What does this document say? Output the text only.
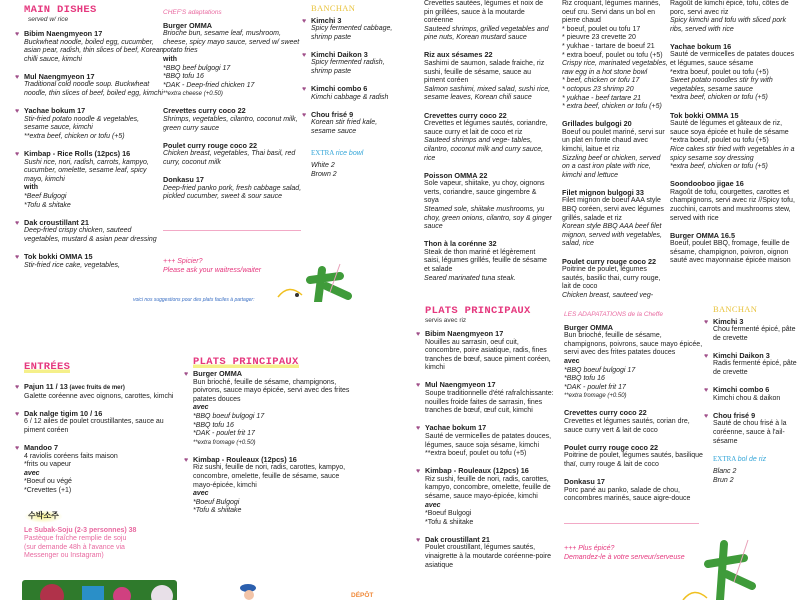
MAIN DISHES
served w/ rice
♥ Bibim Naengmyeon 17
Buckwheat noodle, boiled egg, cucumber, asian pear, radish, thin slices of beef, Korean chilli sauce, kimchi
♥ Mul Naengmyeon 17
Traditional cold noodle soup. Buckwheat noodle, thin slices of beef, boiled egg, kimchi
♥ Yachae bokum 17
Stir-fried potato noodle & vegetables, sesame sauce, kimchi
**extra beef, chicken or tofu (+5)
♥ Kimbap - Rice Rolls (12pcs) 16
Sushi rice, nori, radish, carrots, kampyo, cucumber, omelette, sesame leaf, spicy mayo, kimchi
with
*Beef Bulgogi
*Tofu & shitake
♥ Dak croustillant 21
Deep-fried crispy chicken, sauteed vegetables, mustard & asian pear dressing
♥ Tok bokki OMMA 15
Stir-fried rice cake, vegetables,
CHEF'S adaptations
Burger OMMA
Brioche bun, sesame leaf, mushroom, cheese, spicy mayo sauce, served w/ sweet potato fries
with
*BBQ beef bulgogi 17
*BBQ tofu 16
*DAK - Deep-fried chicken 17
**extra cheese (+0.50)
Crevettes curry coco 22
Shrimps, vegetables, cilantro, coconut milk, green curry sauce
Poulet curry rouge coco 22
Chicken breast, vegetables, Thai basil, red curry, coconut milk
Donkasu 17
Deep-fried panko pork, fresh cabbage salad, pickled cucumber, sweet & sour sauce
+++ Spicier?
Please ask your waitress/waiter
voici nos suggestions pour des plats faciles à partager:
BANCHAN
♥ Kimchi 3
Spicy fermented cabbage, shrimp paste
♥ Kimchi Daikon 3
Spicy fermented radish, shrimp paste
♥ Kimchi combo 6
Kimchi cabbage & radish
♥ Chou frisé 9
Korean stir fried kale, sesame sauce
EXTRA rice bowl
White 2
Brown 2
Crevettes sautées, légumes et noix de pin grillées, sauce à la moutarde coréenne
Sauteed shrimps, grilled vegetables and pine nuts, Korean mustard sauce
Riz aux sésames 22
Sashimi de saumon, salade fraiche, riz sushi, feuille de sésame, sauce au piment coréen
Salmon sashimi, mixed salad, sushi rice, sesame leaves, Korean chili sauce
Crevettes curry coco 22
Crevettes et légumes sautés, coriandre, sauce curry et lait de coco et riz
Sauteed shrimps and vege- tables, cilantro, coconut milk and curry sauce, rice
Poisson OMMA 22
Sole vapeur, shiitake, yu choy, oignons verts, coriandre, sauce gingembre & soya
Steamed sole, shiitake mushrooms, yu choy, green onions, cilantro, soy & ginger sauce
Thon à la corénne 32
Steak de thon mariné et légèrement saisi, légumes grillés, feuille de sésame et salade
Seared marinated tuna steak.
Riz croquant, légumes marinés, oeuf cru. Servi dans un bol en pierre chaud
* boeuf, poulet ou tofu 17
* pieuvre 23 crevette 20
* yukhae - tartare de boeuf 21
* extra boeuf, poulet ou tofu (+5)
Crispy rice, marinated vegetables, raw egg in a hot stone bowl
* beef, chicken or tofu 17
* octopus 23 shrimp 20
* yukhae - beef tartare 21
* extra beef, chicken or tofu (+5)
Grillades bulgogi 20
Boeuf ou poulet mariné, servi sur un plat en fonte chaud avec kimchi, laitue et riz
Sizzling beef or chicken, served on a cast iron plate with rice, kimchi and lettuce
Filet mignon bulgogi 33
Filet mignon de boeuf AAA style BBQ coréen, servi avec légumes grillés, salade et riz
Korean style BBQ AAA beef filet mignon, served with vegetables, salad, rice
Poulet curry rouge coco 22
Poitrine de poulet, légumes sautés, basilic thai, curry rouge, lait de coco
Chicken breast, sauteed veg-
Ragoût de kimchi épicé, tofu, côtes de porc, servi avec riz
Spicy kimchi and tofu with sliced pork ribs, served with rice
Yachae bokum 16
Sauté de vermicelles de patates douces et légumes, sauce sésame
*extra boeuf, poulet ou tofu (+5)
Sweet potato noodles stir fry with vegetables, sesame sauce
*extra beef, chicken or tofu (+5)
Tok bokki OMMA 15
Sauté de légumes et gâteaux de riz, sauce soya épicée et huile de sésame
*extra boeuf, poulet ou tofu (+5)
Rice cakes stir fried with vegetables in a spicy sesame soy dressing
*extra beef, chicken or tofu (+5)
Soondooboo jigae 16
Ragoût de tofu, courgettes, carottes et champignons, servi avec riz //Spicy tofu, zucchini, carrots and mushrooms stew, served with rice
Burger OMMA 16.5
Boeuf, poulet BBQ, fromage, feuille de sésame, champignon, poivron, oignon sauté avec mayonnaise épicée maison
ENTRÉES
♥ Pajun 11 / 13 (avec fruits de mer)
Galette coréenne avec oignons, carottes, kimchi
♥ Dak nalge tigim 10 / 16
6 / 12 ailes de poulet croustillantes, sauce au piment coréen
♥ Mandoo 7
4 raviolis coréens faits maison
*frits ou vapeur
avec
*Boeuf ou végé
*Crevettes (+1)
수박소주
Le Subak-Soju (2-3 personnes) 38
Pastèque fraîche remplie de soju
(sur demande 48h à l'avance via
Messenger ou Instagram)
PLATS PRINCIPAUX
♥ Burger OMMA
Bun brioché, feuille de sésame, champignons, poivrons, sauce mayo épicée, servi avec des frites patates douces
avec
*BBQ boeuf bulgogi 17
*BBQ tofu 16
*DAK - poulet frit 17
**extra fromage (+0.50)
♥ Kimbap - Rouleaux (12pcs) 16
Riz sushi, feuille de nori, radis, carottes, kampyo, concombre, omelette, feuille de sésame, sauce mayo-épicée, kimchi
avec
*Boeuf Bulgogi
*Tofu & shiitake
DÉPÔT
PLATS PRINCIPAUX
servis avec riz
♥ Bibim Naengmyeon 17
Nouilles au sarrasin, oeuf cuit, concombre, poire asiatique, radis, fines tranches de bœuf, sauce piment coréen, kimchi
♥ Mul Naengmyeon 17
Soupe traditionnelle d'été rafraîchissante: nouilles froide faites de sarrasin, fines tranches de bœuf, œuf cuit, kimchi
♥ Yachae bokum 17
Sauté de vermicelles de patates douces, légumes, sauce soja sésame, kimchi
**extra boeuf, poulet ou tofu (+5)
♥ Kimbap - Rouleaux (12pcs) 16
Riz sushi, feuille de nori, radis, carottes, kampyo, concombre, omelette, feuille de sésame, sauce mayo-épicée, kimchi
avec
*Boeuf Bulgogi
*Tofu & shiitake
♥ Dak croustillant 21
Poulet croustillant, légumes sautés, vinaigrette à la moutarde coréenne-poire asiatique
LES ADAPATATIONS de la Cheffe
Burger OMMA
Bun brioché, feuille de sésame, champignons, poivrons, sauce mayo épicée, servi avec des frites patates douces
avec
*BBQ boeuf bulgogi 17
*BBQ tofu 16
*DAK - poulet frit 17
**extra fromage (+0.50)
Crevettes curry coco 22
Crevettes et légumes sautés, corian dre, sauce curry vert & lait de coco
Poulet curry rouge coco 22
Poitrine de poulet, légumes sautés, basilique thaï, curry rouge & lait de coco
Donkasu 17
Porc pané au panko, salade de chou, concombres marinés, sauce aigre-douce
+++ Plus épicé?
Demandez-le à votre serveur/serveuse
BANCHAN
♥ Kimchi 3
Chou fermenté épicé, pâte de crevette
♥ Kimchi Daikon 3
Radis fermenté épicé, pâte de crevette
♥ Kimchi combo 6
Kimchi chou & daikon
♥ Chou frisé 9
Sauté de chou frisé à la coréenne, sauce à l'ail-sésame
EXTRA bol de riz
Blanc 2
Brun 2
